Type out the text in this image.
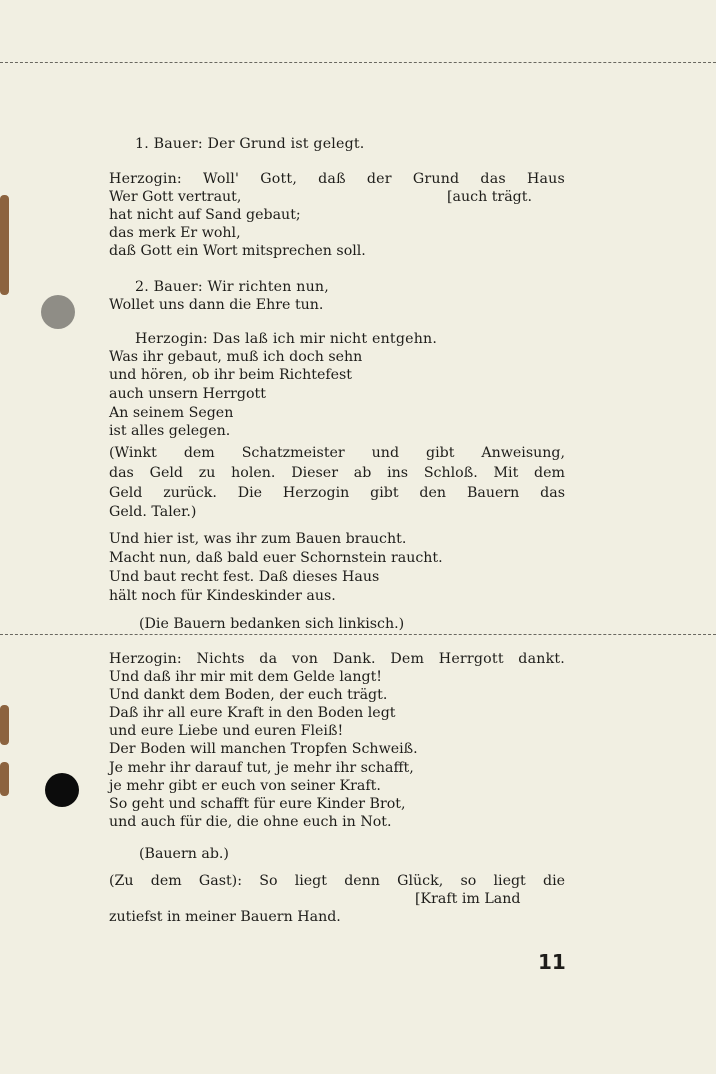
1. Bauer: Der Grund ist gelegt.
Herzogin: Woll' Gott, daß der Grund das Haus
Wer Gott vertraut,	[auch trägt.
hat nicht auf Sand gebaut;
das merk Er wohl,
daß Gott ein Wort mitsprechen soll.
2. Bauer: Wir richten nun,
Wollet uns dann die Ehre tun.
Herzogin: Das laß ich mir nicht entgehn.
Was ihr gebaut, muß ich doch sehn
und hören, ob ihr beim Richtefest
auch unsern Herrgott
An seinem Segen
ist alles gelegen.
(Winkt dem Schatzmeister und gibt Anweisung,
das Geld zu holen. Dieser ab ins Schloß. Mit dem
Geld zurück. Die Herzogin gibt den Bauern das
Geld. Taler.)
Und hier ist, was ihr zum Bauen braucht.
Macht nun, daß bald euer Schornstein raucht.
Und baut recht fest. Daß dieses Haus
hält noch für Kindeskinder aus.
(Die Bauern bedanken sich linkisch.)
Herzogin: Nichts da von Dank. Dem Herrgott dankt.
Und daß ihr mir mit dem Gelde langt!
Und dankt dem Boden, der euch trägt.
Daß ihr all eure Kraft in den Boden legt
und eure Liebe und euren Fleiß!
Der Boden will manchen Tropfen Schweiß.
Je mehr ihr darauf tut, je mehr ihr schafft,
je mehr gibt er euch von seiner Kraft.
So geht und schafft für eure Kinder Brot,
und auch für die, die ohne euch in Not.
(Bauern ab.)
(Zu dem Gast): So liegt denn Glück, so liegt die
[Kraft im Land
zutiefst in meiner Bauern Hand.
11
